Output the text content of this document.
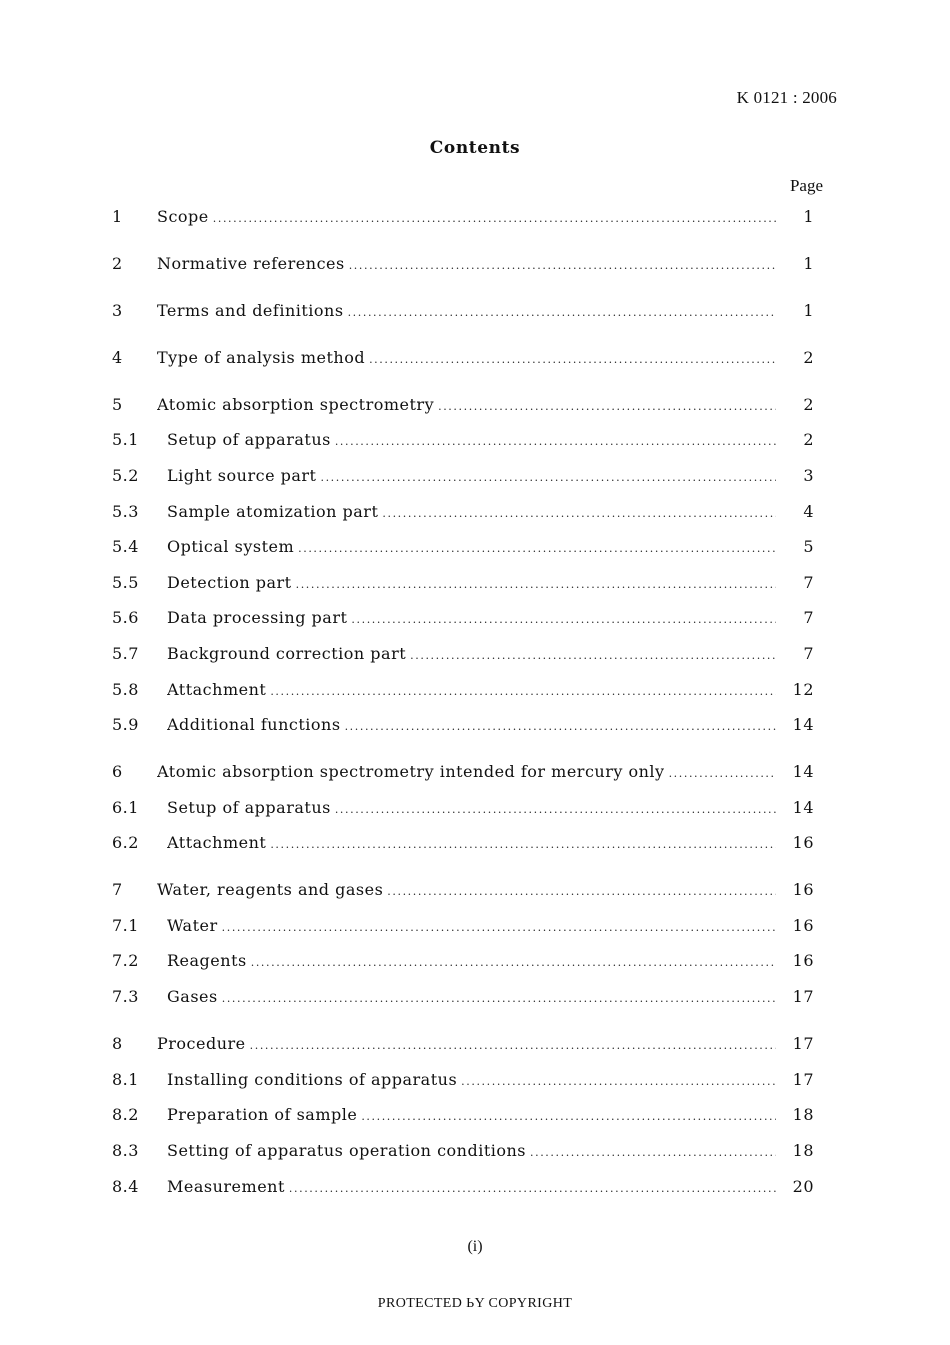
K 0121 : 2006
Contents
Page
1 Scope .....	1
2 Normative references .....	1
3 Terms and definitions .....	1
4 Type of analysis method .....	2
5 Atomic absorption spectrometry .....	2
5.1 Setup of apparatus .....	2
5.2 Light source part .....	3
5.3 Sample atomization part .....	4
5.4 Optical system .....	5
5.5 Detection part .....	7
5.6 Data processing part .....	7
5.7 Background correction part .....	7
5.8 Attachment .....	12
5.9 Additional functions .....	14
6 Atomic absorption spectrometry intended for mercury only .....	14
6.1 Setup of apparatus .....	14
6.2 Attachment .....	16
7 Water, reagents and gases .....	16
7.1 Water .....	16
7.2 Reagents .....	16
7.3 Gases .....	17
8 Procedure .....	17
8.1 Installing conditions of apparatus .....	17
8.2 Preparation of sample .....	18
8.3 Setting of apparatus operation conditions .....	18
8.4 Measurement .....	20
(i)
PROTECTED ЬY COPYRIGHT
